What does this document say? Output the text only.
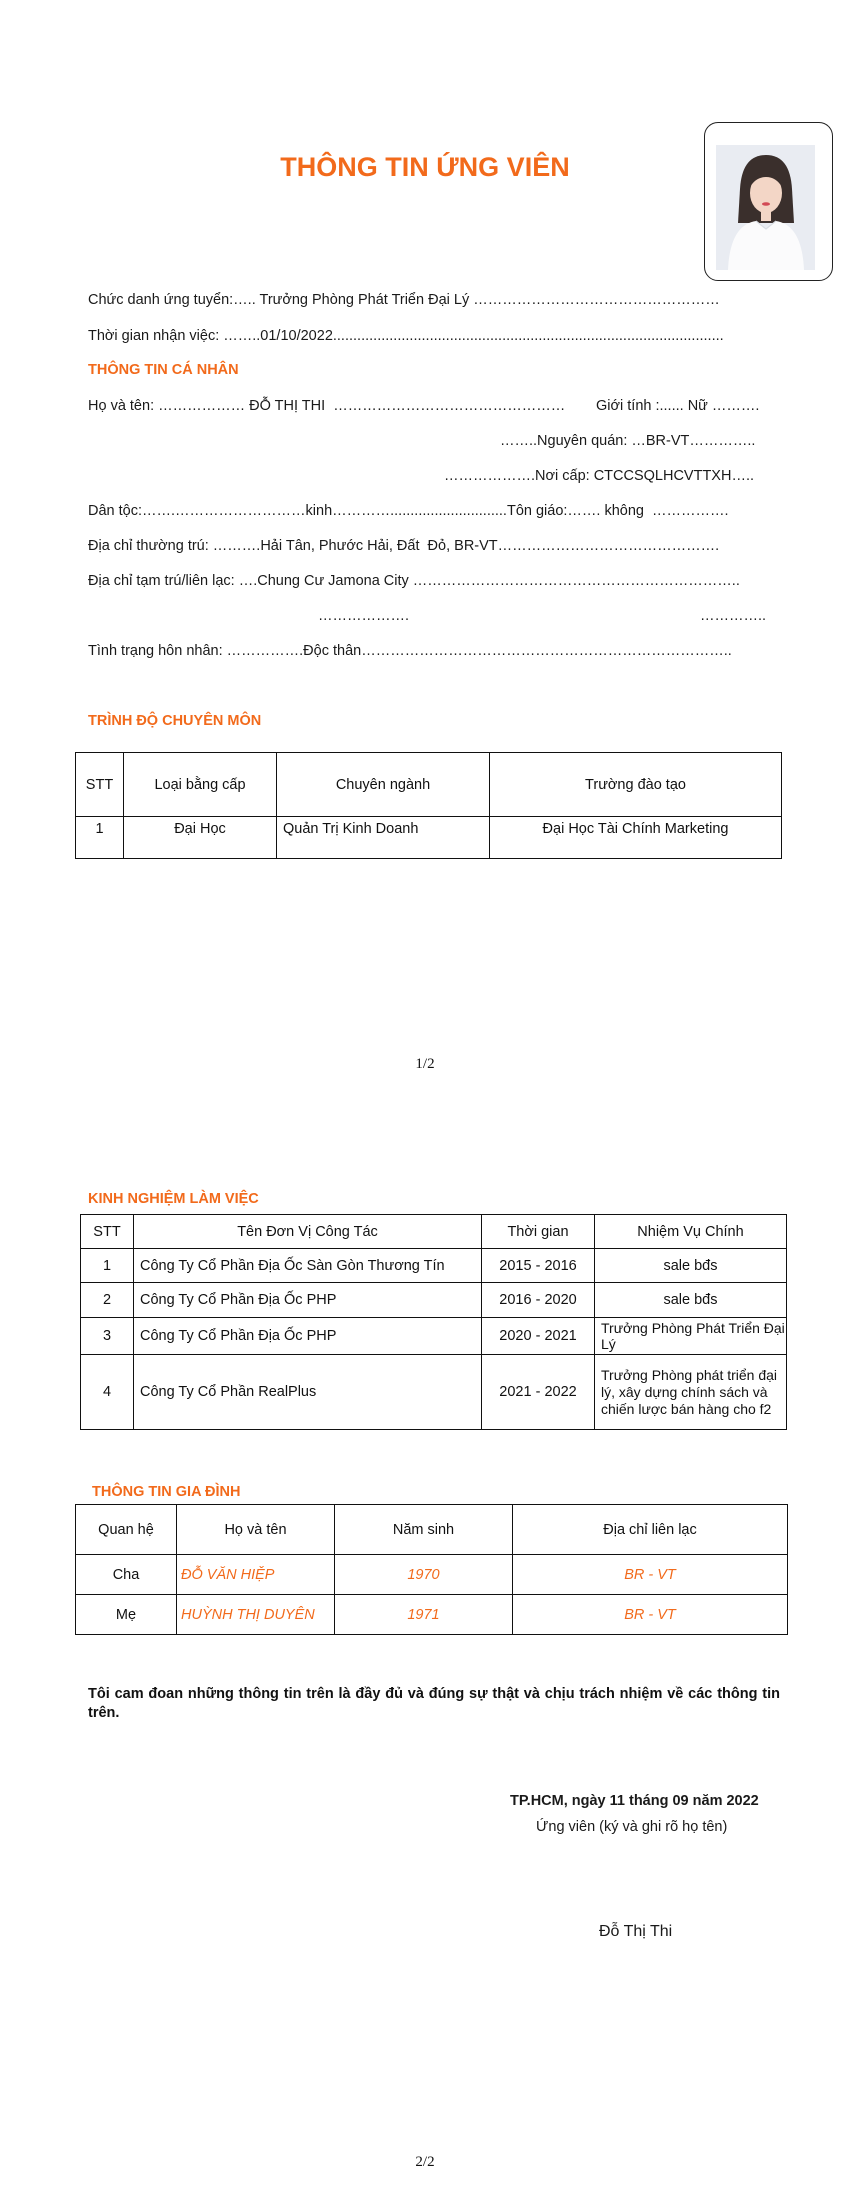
THÔNG TIN ỨNG VIÊN
Chức danh ứng tuyển:….. Trưởng Phòng Phát Triển Đại Lý ……………………………………………
Thời gian nhận việc: ……..01/10/2022.................................................................................................
THÔNG TIN CÁ NHÂN
Họ và tên: ……………… ĐỖ THỊ THI  ………………………………………… Giới tính :...... Nữ ……….
……..Nguyên quán: …BR-VT…………..
……………….Nơi cấp: CTCCSQLHCVTTXH…..
Dân tộc:…….………………………kinh………….............................Tôn giáo:……. không  …………….
Địa chỉ thường trú: ……….Hải Tân, Phước Hải, Đất  Đỏ, BR-VT……………………………………….
Địa chỉ tạm trú/liên lạc: ….Chung Cư Jamona City …………………………………………………………..
……………….	…………..
Tình trạng hôn nhân: …………….Độc thân…………………………………………………………………..
TRÌNH ĐỘ CHUYÊN MÔN
STT	Loại bằng cấp	Chuyên ngành	Trường đào tạo
1	Đại Học	Quản Trị Kinh Doanh	Đại Học Tài Chính Marketing
1/2
KINH NGHIỆM LÀM VIỆC
STT	Tên Đơn Vị Công Tác	Thời gian	Nhiệm Vụ Chính
1	Công Ty Cổ Phần Địa Ốc Sàn Gòn Thương Tín	2015 - 2016	sale bđs
2	Công Ty Cổ Phần Địa Ốc PHP	2016 - 2020	sale bđs
3	Công Ty Cổ Phần Địa Ốc PHP	2020 - 2021	Trưởng Phòng Phát Triển Đại Lý
4	Công Ty Cổ Phần RealPlus	2021 - 2022	Trưởng Phòng phát triển đại lý, xây dựng chính sách và chiến lược bán hàng cho f2
THÔNG TIN GIA ĐÌNH
Quan hệ	Họ và tên	Năm sinh	Địa chỉ liên lạc
Cha	ĐỖ VĂN HIỆP	1970	BR - VT
Mẹ	HUỲNH THỊ DUYÊN	1971	BR - VT
Tôi cam đoan những thông tin trên là đầy đủ và đúng sự thật và chịu trách nhiệm về các thông tin trên.
TP.HCM, ngày 11 tháng 09 năm 2022
Ứng viên (ký và ghi rõ họ tên)
Đỗ Thị Thi
2/2
